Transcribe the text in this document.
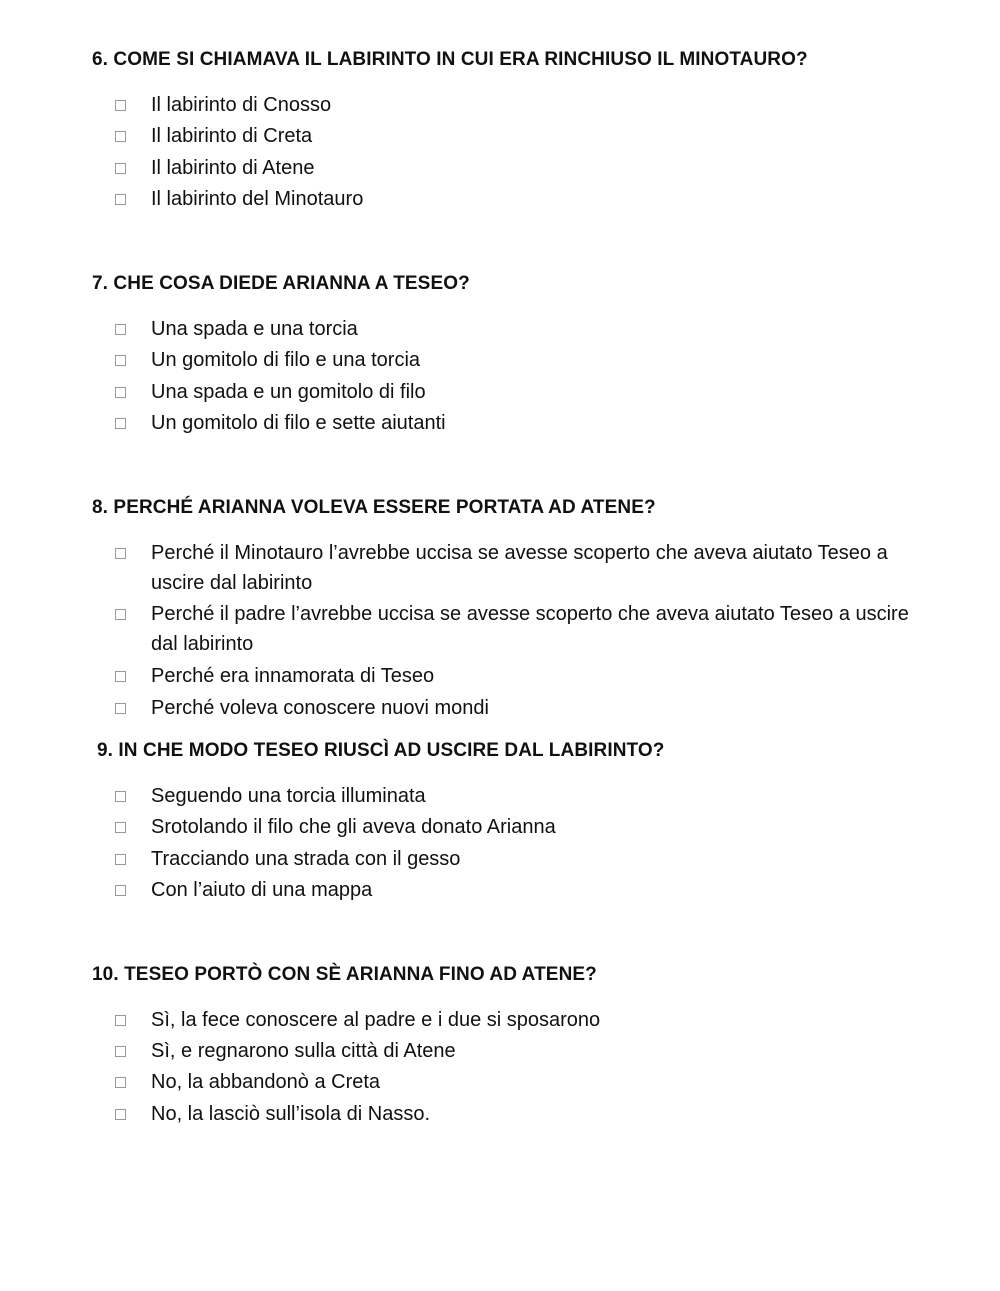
6. COME SI CHIAMAVA IL LABIRINTO IN CUI ERA RINCHIUSO IL MINOTAURO?
Il labirinto di Cnosso
Il labirinto di Creta
Il labirinto di Atene
Il labirinto del Minotauro
7. CHE COSA DIEDE ARIANNA A TESEO?
Una spada e una torcia
Un gomitolo di filo e una torcia
Una spada e un gomitolo di filo
Un gomitolo di filo e sette aiutanti
8. PERCHÉ ARIANNA VOLEVA ESSERE PORTATA AD ATENE?
Perché il Minotauro l’avrebbe uccisa se avesse scoperto che aveva aiutato Teseo a uscire dal labirinto
Perché il padre l’avrebbe uccisa se avesse scoperto che aveva aiutato Teseo a uscire dal labirinto
Perché era innamorata di Teseo
Perché voleva conoscere nuovi mondi
9. IN CHE MODO TESEO RIUSCÌ AD USCIRE DAL LABIRINTO?
Seguendo una torcia illuminata
Srotolando il filo che gli aveva donato Arianna
Tracciando una strada con il gesso
Con l’aiuto di una mappa
10. TESEO PORTÒ CON SÈ ARIANNA FINO AD ATENE?
Sì, la fece conoscere al padre e i due si sposarono
Sì, e regnarono sulla città di Atene
No, la abbandonò a Creta
No, la lasciò sull’isola di Nasso.
